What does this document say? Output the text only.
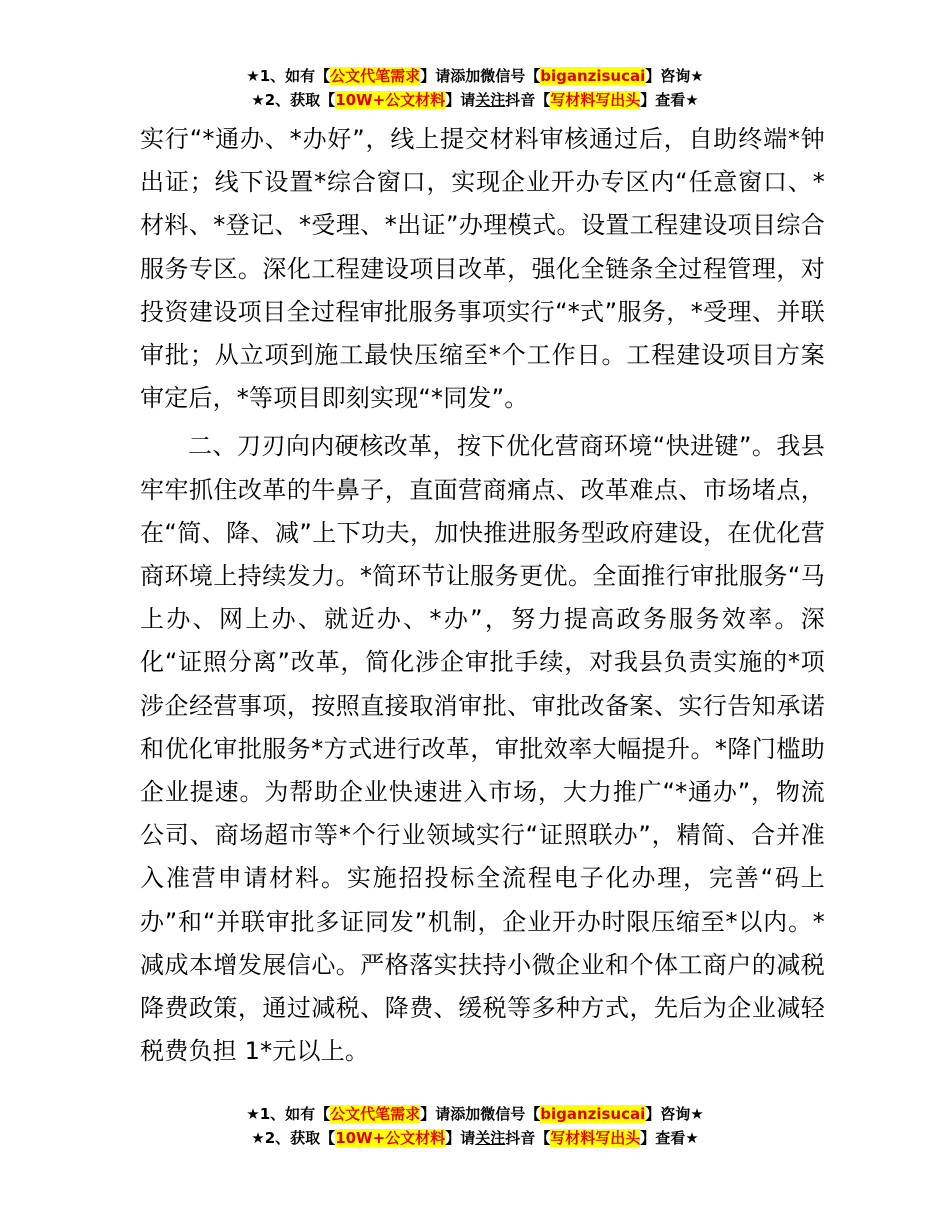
★1、如有【公文代笔需求】请添加微信号【biganzisucai】咨询★
★2、获取【10W+公文材料】请关注抖音【写材料写出头】查看★

实行“*通办、*办好”，线上提交材料审核通过后，自助终端*钟出证；线下设置*综合窗口，实现企业开办专区内“任意窗口、*材料、*登记、*受理、*出证”办理模式。设置工程建设项目综合服务专区。深化工程建设项目改革，强化全链条全过程管理，对投资建设项目全过程审批服务事项实行“*式”服务，*受理、并联审批；从立项到施工最快压缩至*个工作日。工程建设项目方案审定后，*等项目即刻实现“*同发”。

二、刀刃向内硬核改革，按下优化营商环境“快进键”。我县牢牢抓住改革的牛鼻子，直面营商痛点、改革难点、市场堵点，在“简、降、减”上下功夫，加快推进服务型政府建设，在优化营商环境上持续发力。*简环节让服务更优。全面推行审批服务“马上办、网上办、就近办、*办”，努力提高政务服务效率。深化“证照分离”改革，简化涉企审批手续，对我县负责实施的*项涉企经营事项，按照直接取消审批、审批改备案、实行告知承诺和优化审批服务*方式进行改革，审批效率大幅提升。*降门槛助企业提速。为帮助企业快速进入市场，大力推广“*通办”，物流公司、商场超市等*个行业领域实行“证照联办”，精简、合并准入准营申请材料。实施招投标全流程电子化办理，完善“码上办”和“并联审批多证同发”机制，企业开办时限压缩至*以内。*减成本增发展信心。严格落实扶持小微企业和个体工商户的减税降费政策，通过减税、降费、缓税等多种方式，先后为企业减轻税费负担 1*元以上。

★1、如有【公文代笔需求】请添加微信号【biganzisucai】咨询★
★2、获取【10W+公文材料】请关注抖音【写材料写出头】查看★
